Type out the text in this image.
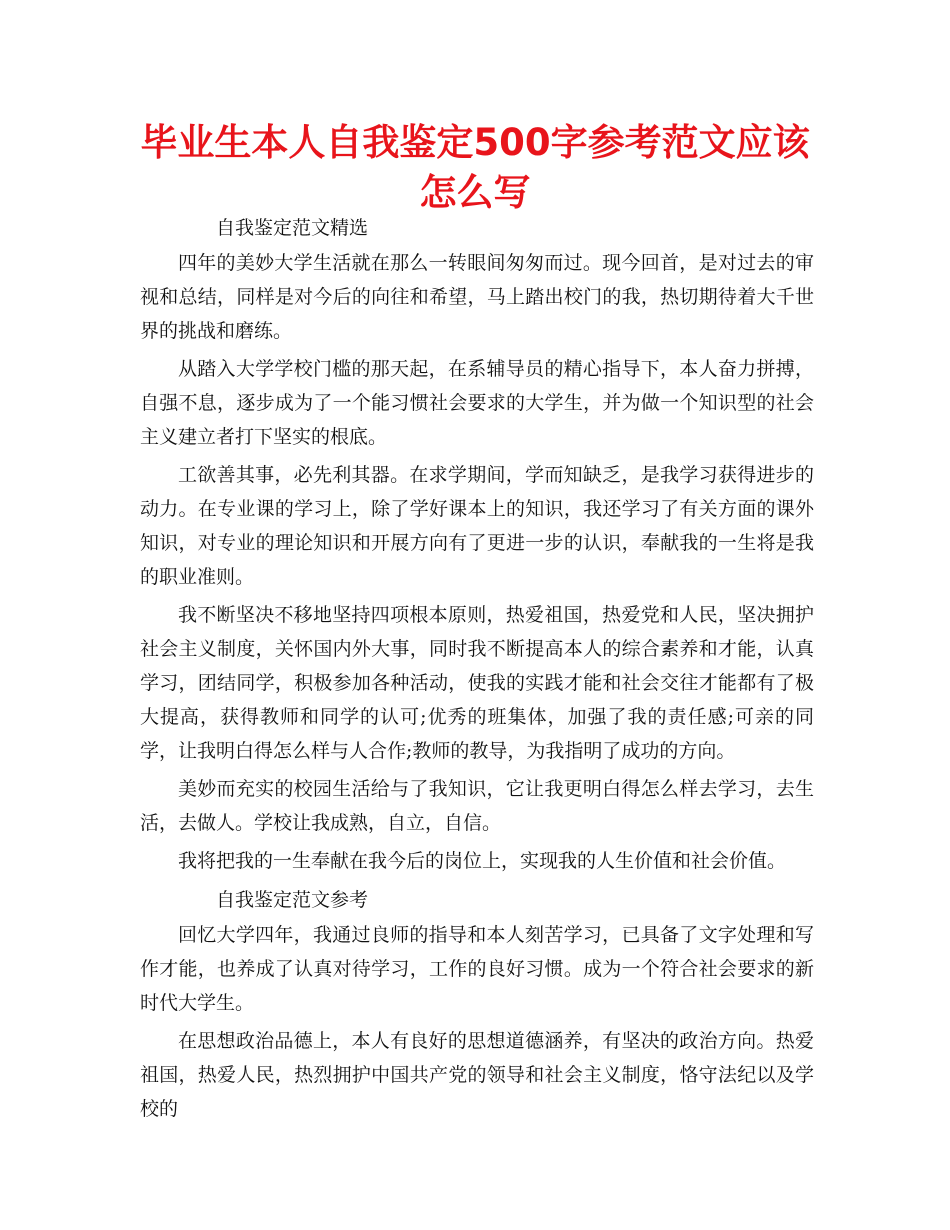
毕业生本人自我鉴定500字参考范文应该怎么写
自我鉴定范文精选

四年的美妙大学生活就在那么一转眼间匆匆而过。现今回首，是对过去的审视和总结，同样是对今后的向往和希望，马上踏出校门的我，热切期待着大千世界的挑战和磨练。

从踏入大学学校门槛的那天起，在系辅导员的精心指导下，本人奋力拼搏，自强不息，逐步成为了一个能习惯社会要求的大学生，并为做一个知识型的社会主义建立者打下坚实的根底。

工欲善其事，必先利其器。在求学期间，学而知缺乏，是我学习获得进步的动力。在专业课的学习上，除了学好课本上的知识，我还学习了有关方面的课外知识，对专业的理论知识和开展方向有了更进一步的认识，奉献我的一生将是我的职业准则。

我不断坚决不移地坚持四项根本原则，热爱祖国，热爱党和人民，坚决拥护社会主义制度，关怀国内外大事，同时我不断提高本人的综合素养和才能，认真学习，团结同学，积极参加各种活动，使我的实践才能和社会交往才能都有了极大提高，获得教师和同学的认可;优秀的班集体，加强了我的责任感;可亲的同学，让我明白得怎么样与人合作;教师的教导，为我指明了成功的方向。

美妙而充实的校园生活给与了我知识，它让我更明白得怎么样去学习，去生活，去做人。学校让我成熟，自立，自信。

我将把我的一生奉献在我今后的岗位上，实现我的人生价值和社会价值。

自我鉴定范文参考

回忆大学四年，我通过良师的指导和本人刻苦学习，已具备了文字处理和写作才能，也养成了认真对待学习，工作的良好习惯。成为一个符合社会要求的新时代大学生。

在思想政治品德上，本人有良好的思想道德涵养，有坚决的政治方向。热爱祖国，热爱人民，热烈拥护中国共产党的领导和社会主义制度，恪守法纪以及学校的
